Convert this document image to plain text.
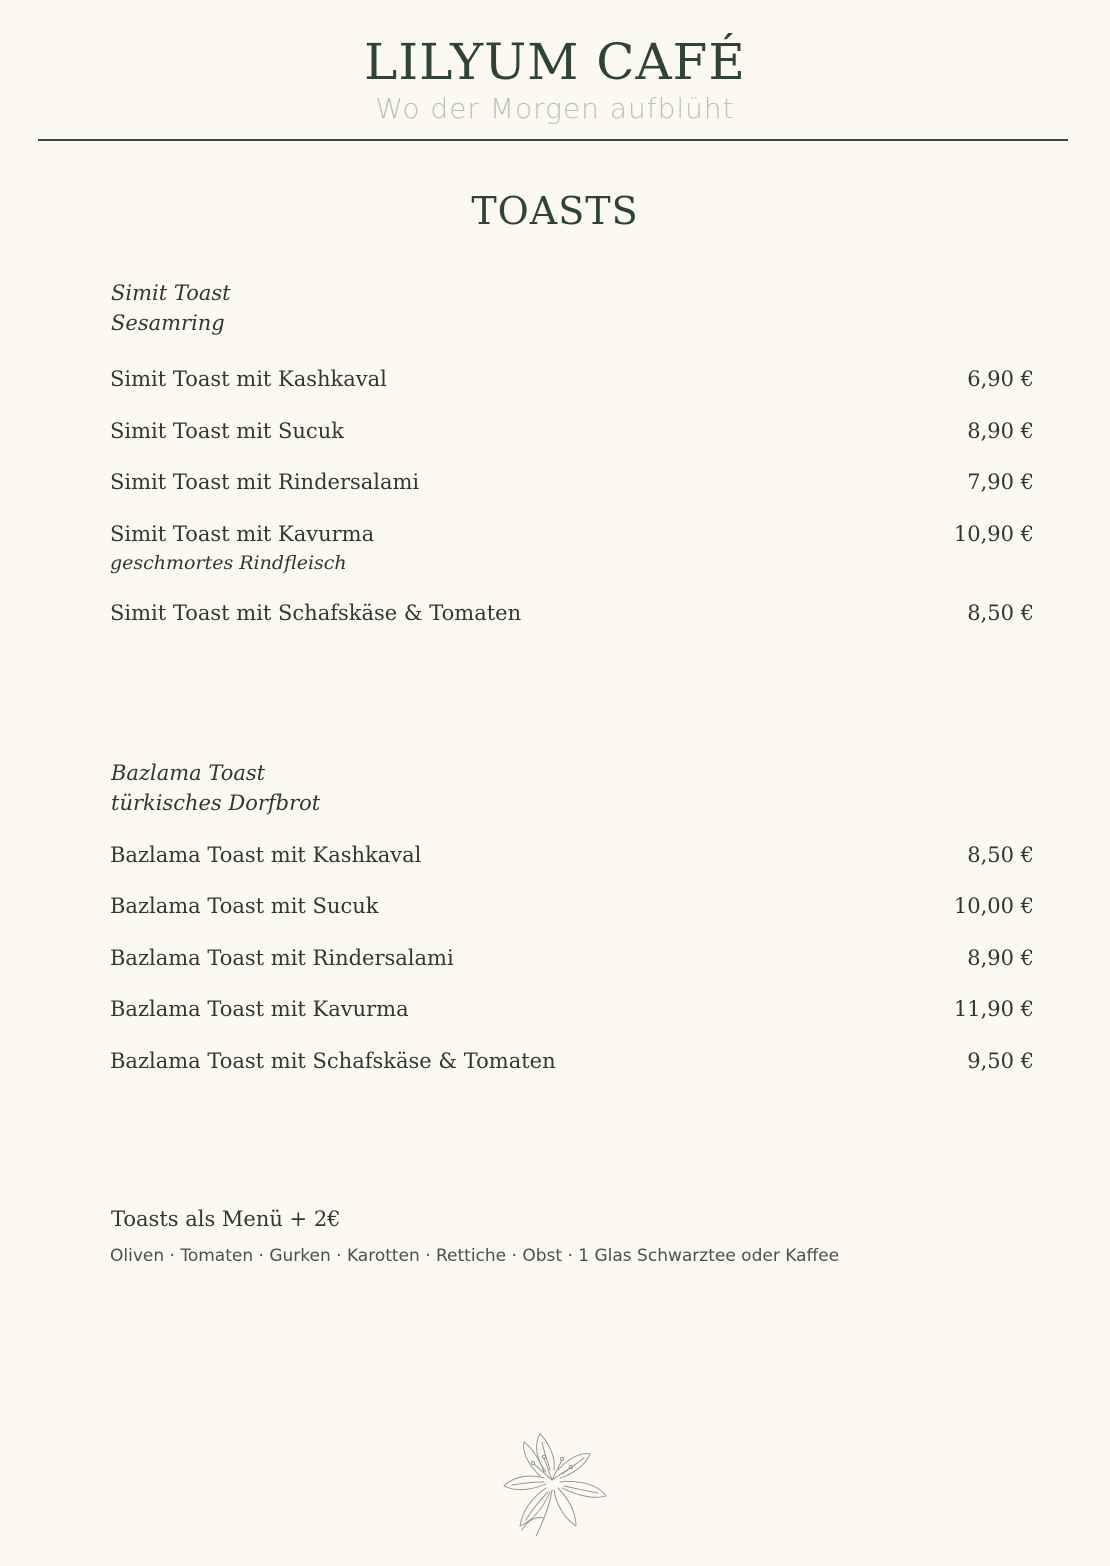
LILYUM CAFÉ
Wo der Morgen aufblüht
TOASTS
Simit Toast
Sesamring
Simit Toast mit Kashkaval	6,90 €
Simit Toast mit Sucuk	8,90 €
Simit Toast mit Rindersalami	7,90 €
Simit Toast mit Kavurma	10,90 €
geschmortes Rindfleisch
Simit Toast mit Schafskäse & Tomaten	8,50 €
Bazlama Toast
türkisches Dorfbrot
Bazlama Toast mit Kashkaval	8,50 €
Bazlama Toast mit Sucuk	10,00 €
Bazlama Toast mit Rindersalami	8,90 €
Bazlama Toast mit Kavurma	11,90 €
Bazlama Toast mit Schafskäse & Tomaten	9,50 €
Toasts als Menü + 2€
Oliven · Tomaten · Gurken · Karotten · Rettiche · Obst · 1 Glas Schwarztee oder Kaffee
